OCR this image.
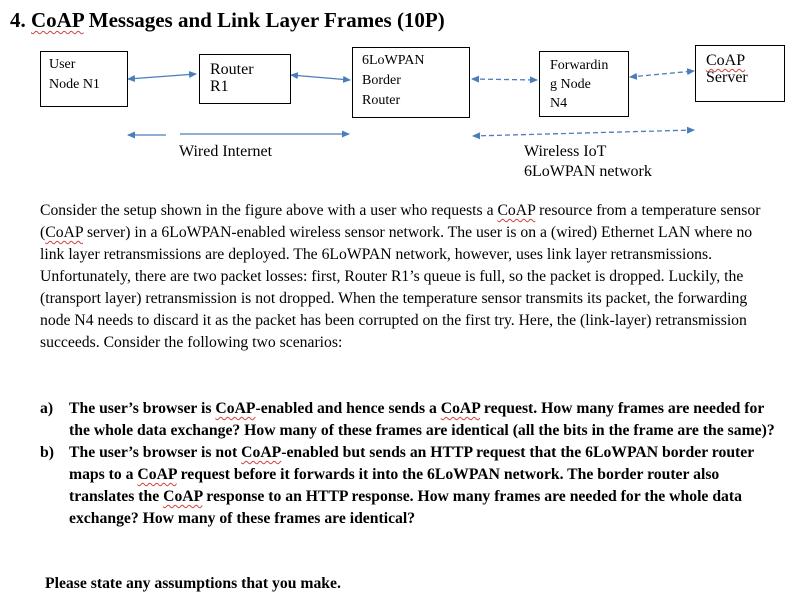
4. CoAP Messages and Link Layer Frames (10P)
User
Node N1
Router
R1
6LoWPAN
Border
Router
Forwardin
g Node
N4
CoAP
Server
Wired Internet	Wireless IoT
6LoWPAN network

Consider the setup shown in the figure above with a user who requests a CoAP resource from a temperature sensor (CoAP server) in a 6LoWPAN-enabled wireless sensor network. The user is on a (wired) Ethernet LAN where no link layer retransmissions are deployed. The 6LoWPAN network, however, uses link layer retransmissions.

Unfortunately, there are two packet losses: first, Router R1’s queue is full, so the packet is dropped. Luckily, the (transport layer) retransmission is not dropped. When the temperature sensor transmits its packet, the forwarding node N4 needs to discard it as the packet has been corrupted on the first try. Here, the (link-layer) retransmission succeeds. Consider the following two scenarios:

a)	The user’s browser is CoAP-enabled and hence sends a CoAP request. How many frames are needed for the whole data exchange? How many of these frames are identical (all the bits in the frame are the same)?
b) The user’s browser is not CoAP-enabled but sends an HTTP request that the 6LoWPAN border router maps to a CoAP request before it forwards it into the 6LoWPAN network. The border router also translates the CoAP response to an HTTP response. How many frames are needed for the whole data exchange? How many of these frames are identical?
Please state any assumptions that you make.
